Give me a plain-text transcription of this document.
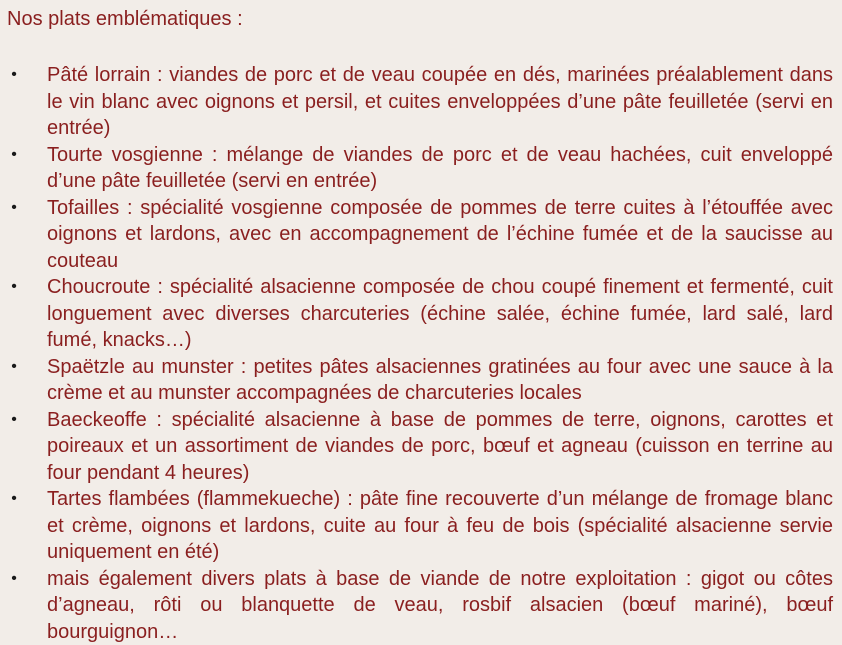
Nos plats emblématiques :

• Pâté lorrain : viandes de porc et de veau coupée en dés, marinées préalablement dans le vin blanc avec oignons et persil, et cuites enveloppées d’une pâte feuilletée (servi en entrée)
• Tourte vosgienne : mélange de viandes de porc et de veau hachées, cuit enveloppé d’une pâte feuilletée (servi en entrée)
• Tofailles : spécialité vosgienne composée de pommes de terre cuites à l’étouffée avec oignons et lardons, avec en accompagnement de l’échine fumée et de la saucisse au couteau
• Choucroute : spécialité alsacienne composée de chou coupé finement et fermenté, cuit longuement avec diverses charcuteries (échine salée, échine fumée, lard salé, lard fumé, knacks…)
• Spaëtzle au munster : petites pâtes alsaciennes gratinées au four avec une sauce à la crème et au munster accompagnées de charcuteries locales
• Baeckeoffe : spécialité alsacienne à base de pommes de terre, oignons, carottes et poireaux et un assortiment de viandes de porc, bœuf et agneau (cuisson en terrine au four pendant 4 heures)
• Tartes flambées (flammekueche) : pâte fine recouverte d’un mélange de fromage blanc et crème, oignons et lardons, cuite au four à feu de bois (spécialité alsacienne servie uniquement en été)
• mais également divers plats à base de viande de notre exploitation : gigot ou côtes d’agneau, rôti ou blanquette de veau, rosbif alsacien (bœuf mariné), bœuf bourguignon…
